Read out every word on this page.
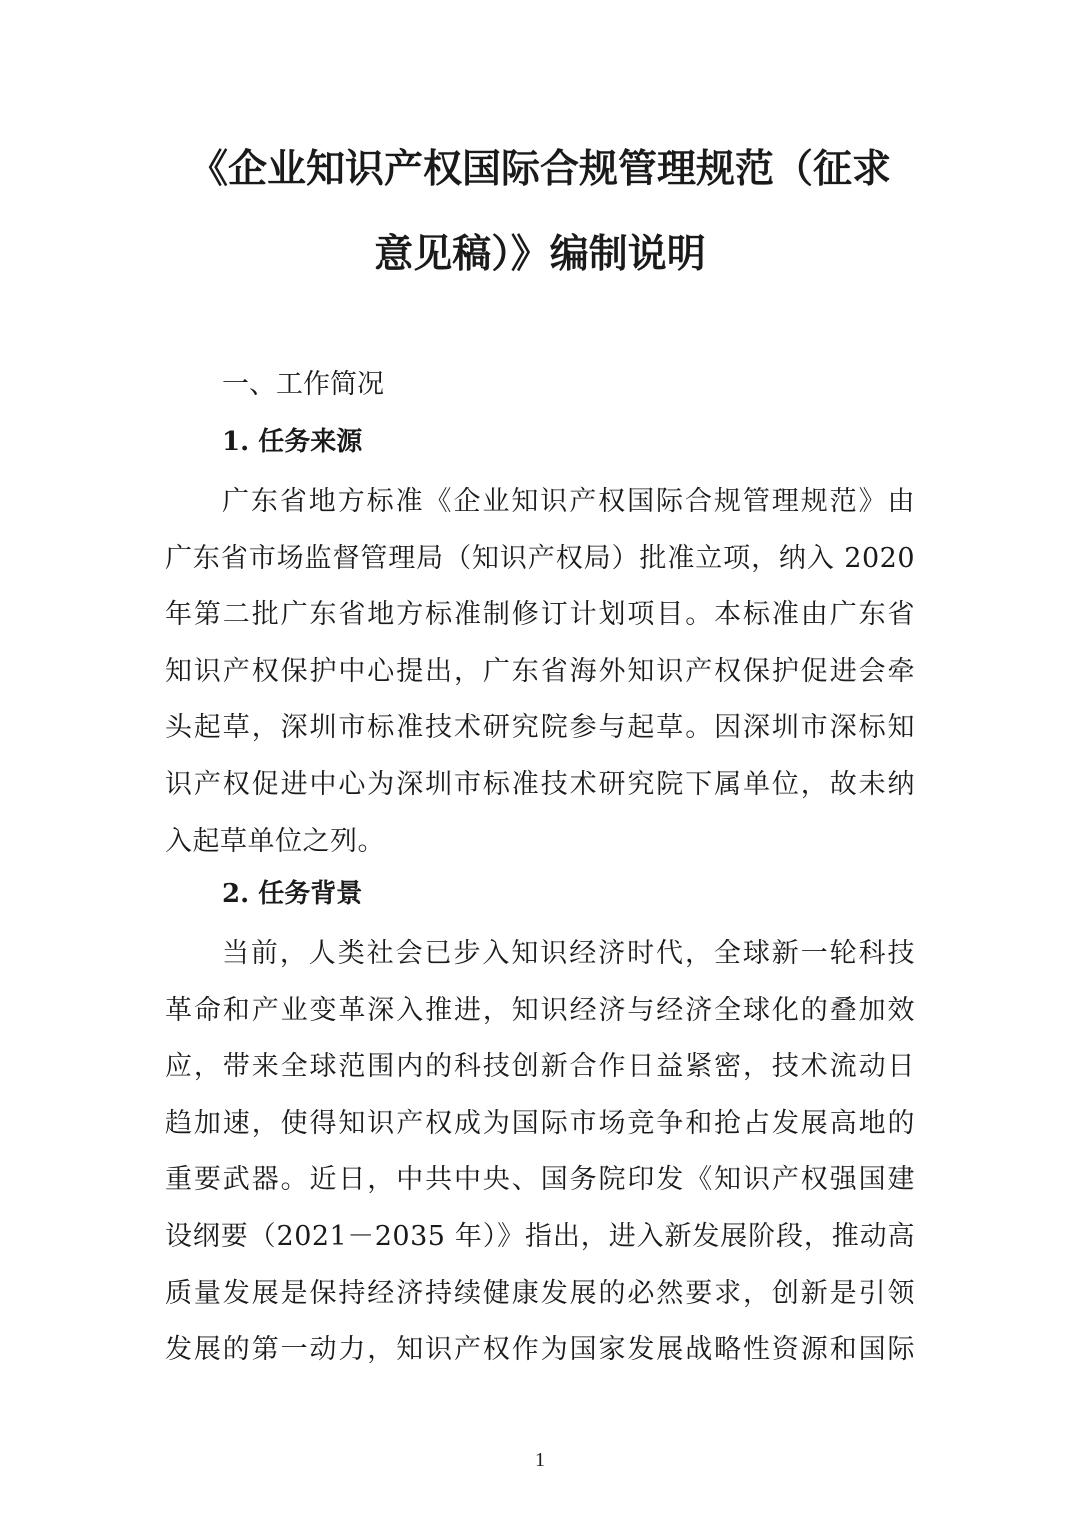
《企业知识产权国际合规管理规范（征求
意见稿）》编制说明
一、工作简况
1. 任务来源
广东省地方标准《企业知识产权国际合规管理规范》由
广东省市场监督管理局（知识产权局）批准立项，纳入 2020
年第二批广东省地方标准制修订计划项目。本标准由广东省
知识产权保护中心提出，广东省海外知识产权保护促进会牵
头起草，深圳市标准技术研究院参与起草。因深圳市深标知
识产权促进中心为深圳市标准技术研究院下属单位，故未纳
入起草单位之列。
2. 任务背景
当前，人类社会已步入知识经济时代，全球新一轮科技
革命和产业变革深入推进，知识经济与经济全球化的叠加效
应，带来全球范围内的科技创新合作日益紧密，技术流动日
趋加速，使得知识产权成为国际市场竞争和抢占发展高地的
重要武器。近日，中共中央、国务院印发《知识产权强国建
设纲要（2021－2035 年）》指出，进入新发展阶段，推动高
质量发展是保持经济持续健康发展的必然要求，创新是引领
发展的第一动力，知识产权作为国家发展战略性资源和国际
1
